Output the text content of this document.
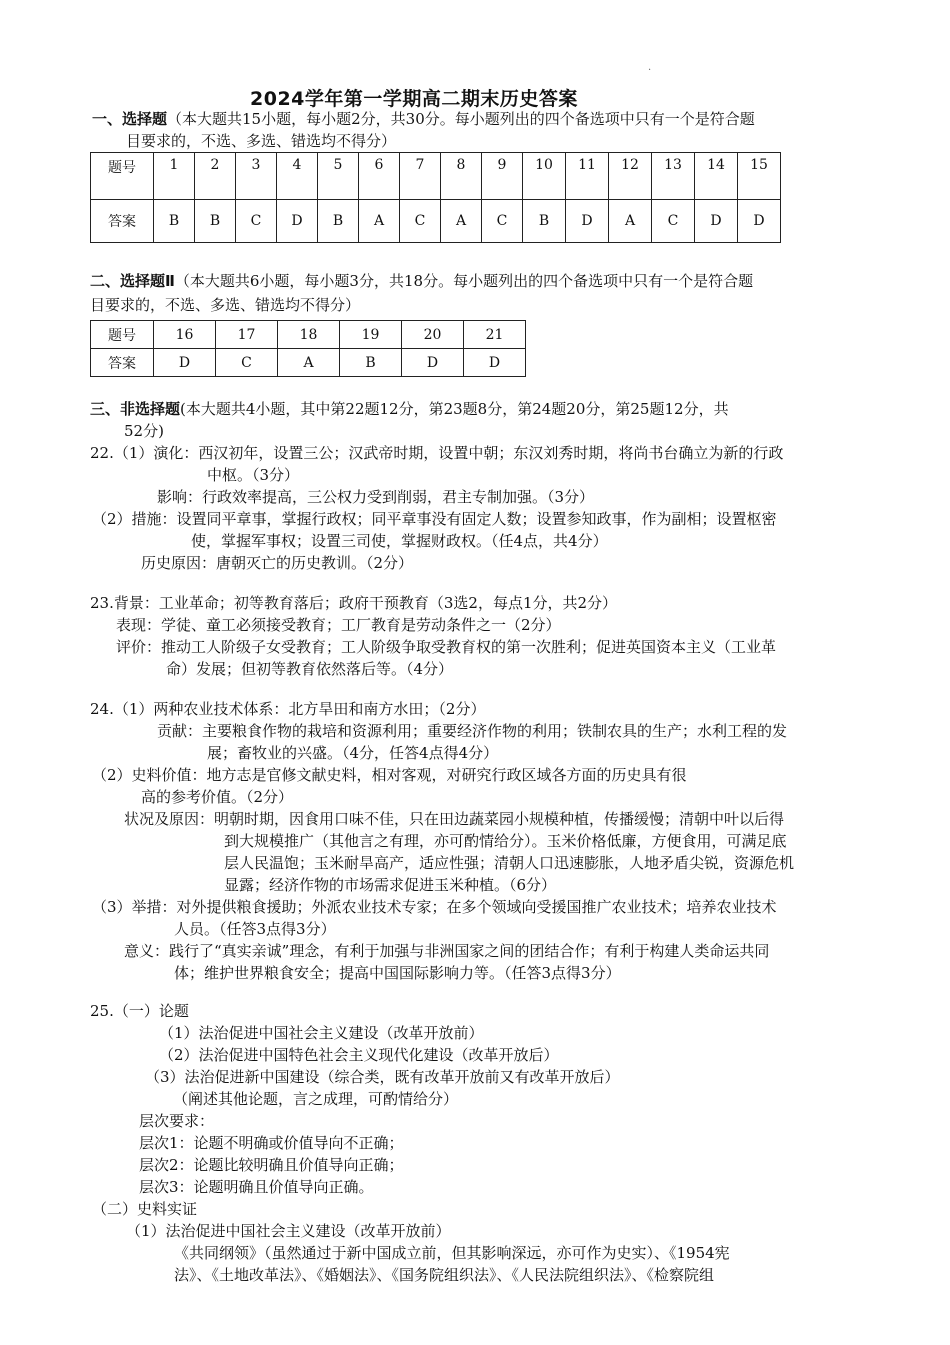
.
2024学年第一学期高二期末历史答案
一、选择题（本大题共15小题，每小题2分，共30分。每小题列出的四个备选项中只有一个是符合题
目要求的，不选、多选、错选均不得分）
题号	1	2	3	4	5	6	7	8	9	10	11	12	13	14	15
答案	B	B	C	D	B	A	C	A	C	B	D	A	C	D	D
二、选择题Ⅱ（本大题共6小题，每小题3分，共18分。每小题列出的四个备选项中只有一个是符合题
目要求的，不选、多选、错选均不得分）
题号	16	17	18	19	20	21
答案	D	C	A	B	D	D
三、非选择题(本大题共4小题，其中第22题12分，第23题8分，第24题20分，第25题12分，共
52分)
22.（1）演化：西汉初年，设置三公；汉武帝时期，设置中朝；东汉刘秀时期，将尚书台确立为新的行政
中枢。（3分）
影响：行政效率提高，三公权力受到削弱，君主专制加强。（3分）
（2）措施：设置同平章事，掌握行政权；同平章事没有固定人数；设置参知政事，作为副相；设置枢密
使，掌握军事权；设置三司使，掌握财政权。（任4点，共4分）
历史原因：唐朝灭亡的历史教训。（2分）
23.背景：工业革命；初等教育落后；政府干预教育（3选2，每点1分，共2分）
表现：学徒、童工必须接受教育；工厂教育是劳动条件之一（2分）
评价：推动工人阶级子女受教育；工人阶级争取受教育权的第一次胜利；促进英国资本主义（工业革
命）发展；但初等教育依然落后等。（4分）
24.（1）两种农业技术体系：北方旱田和南方水田；（2分）
贡献：主要粮食作物的栽培和资源利用；重要经济作物的利用；铁制农具的生产；水利工程的发
展；畜牧业的兴盛。（4分，任答4点得4分）
（2）史料价值：地方志是官修文献史料，相对客观，对研究行政区域各方面的历史具有很
高的参考价值。（2分）
状况及原因：明朝时期，因食用口味不佳，只在田边蔬菜园小规模种植，传播缓慢；清朝中叶以后得
到大规模推广（其他言之有理，亦可酌情给分）。玉米价格低廉，方便食用，可满足底
层人民温饱；玉米耐旱高产，适应性强；清朝人口迅速膨胀，人地矛盾尖锐，资源危机
显露；经济作物的市场需求促进玉米种植。（6分）
（3）举措：对外提供粮食援助；外派农业技术专家；在多个领域向受援国推广农业技术；培养农业技术
人员。（任答3点得3分）
意义：践行了“真实亲诚”理念，有利于加强与非洲国家之间的团结合作；有利于构建人类命运共同
体；维护世界粮食安全；提高中国国际影响力等。（任答3点得3分）
25.（一）论题
（1）法治促进中国社会主义建设（改革开放前）
（2）法治促进中国特色社会主义现代化建设（改革开放后）
（3）法治促进新中国建设（综合类，既有改革开放前又有改革开放后）
（阐述其他论题，言之成理，可酌情给分）
层次要求：
层次1：论题不明确或价值导向不正确；
层次2：论题比较明确且价值导向正确；
层次3：论题明确且价值导向正确。
（二）史料实证
（1）法治促进中国社会主义建设（改革开放前）
《共同纲领》（虽然通过于新中国成立前，但其影响深远，亦可作为史实）、《1954宪
法》、《土地改革法》、《婚姻法》、《国务院组织法》、《人民法院组织法》、《检察院组
